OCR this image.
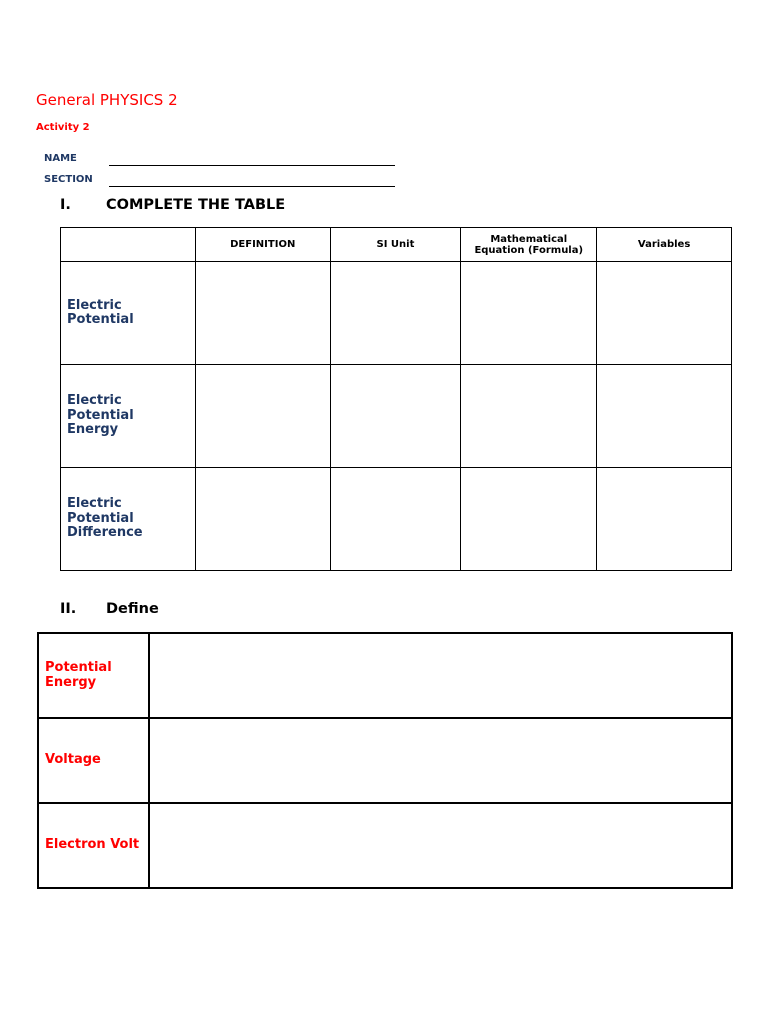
General PHYSICS 2
Activity 2
NAME
SECTION
I. COMPLETE THE TABLE
	DEFINITION	SI Unit	Mathematical Equation (Formula)	Variables

Electric
Potential				

Electric
Potential
Energy				

Electric
Potential
Difference				

II. Define
Potential
Energy	

Voltage	

Electron Volt	
